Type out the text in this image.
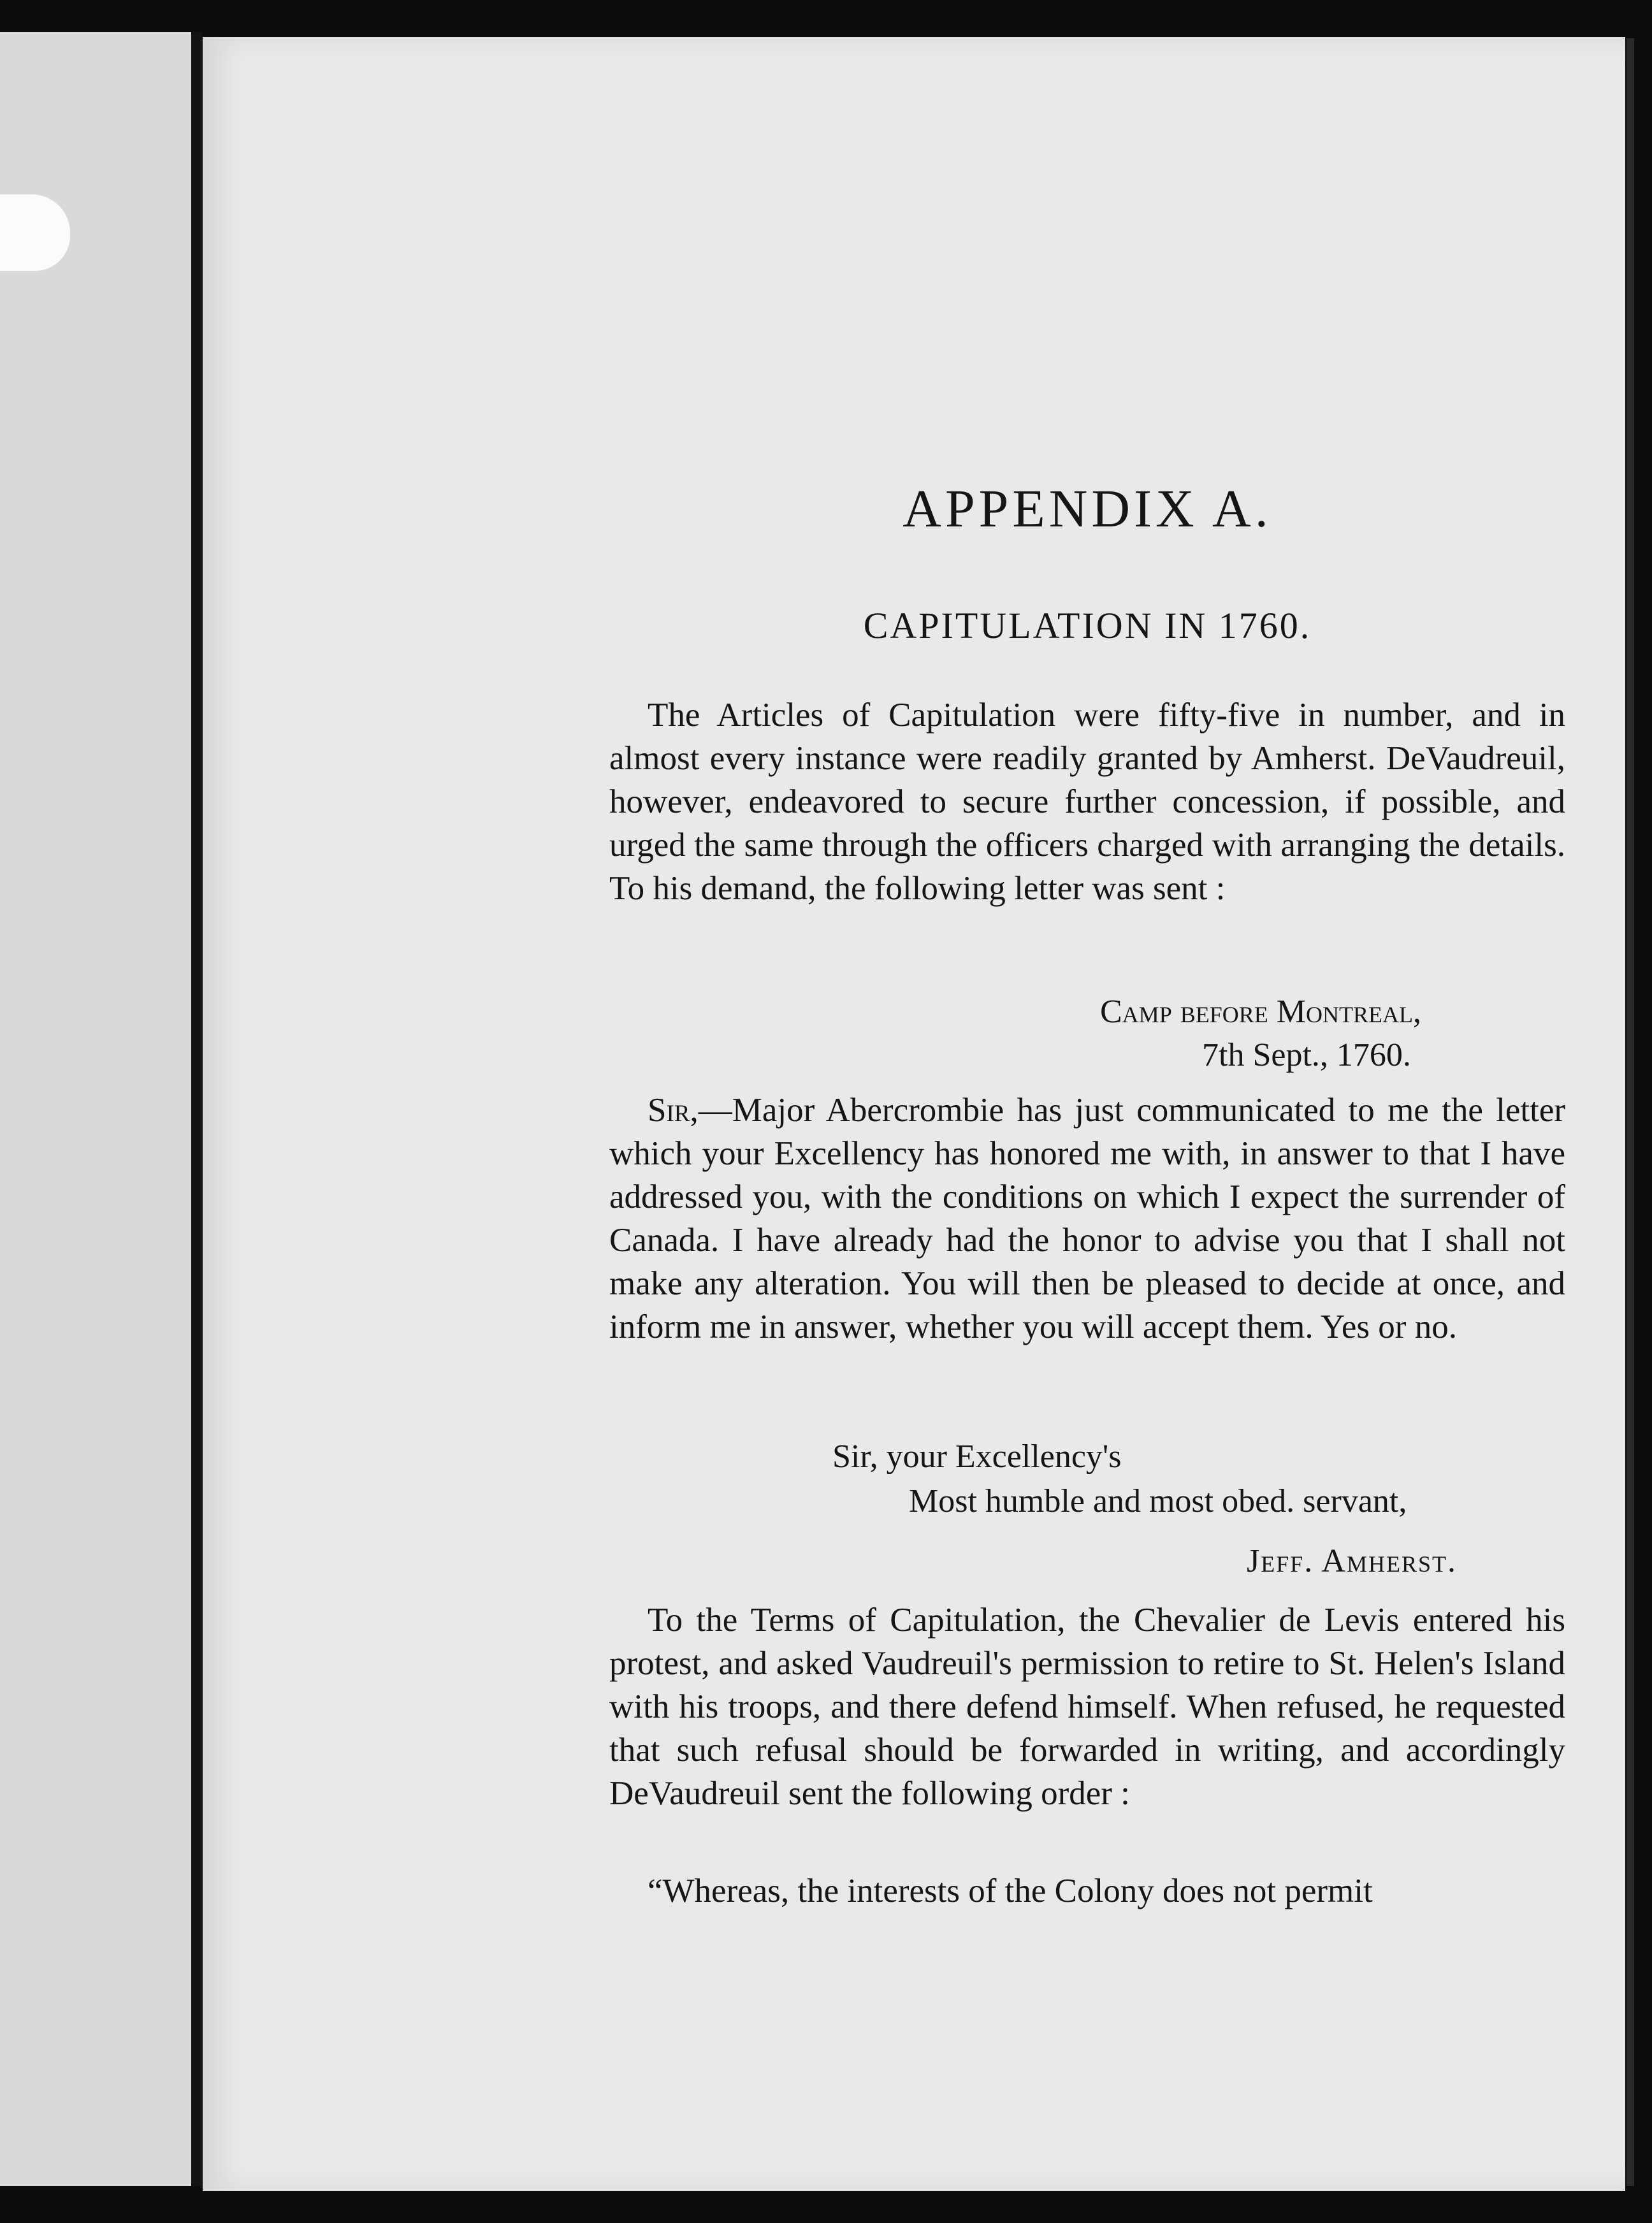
APPENDIX A.
CAPITULATION IN 1760.

The Articles of Capitulation were fifty-five in number, and in almost every instance were readily granted by Amherst. DeVaudreuil, however, endeavored to secure further concession, if possible, and urged the same through the officers charged with arranging the details. To his demand, the following letter was sent :

Camp before Montreal,
7th Sept., 1760.

Sir,—Major Abercrombie has just communicated to me the letter which your Excellency has honored me with, in answer to that I have addressed you, with the conditions on which I expect the surrender of Canada. I have already had the honor to advise you that I shall not make any alteration. You will then be pleased to decide at once, and inform me in answer, whether you will accept them. Yes or no.

Sir, your Excellency's
Most humble and most obed. servant,
Jeff. Amherst.

To the Terms of Capitulation, the Chevalier de Levis entered his protest, and asked Vaudreuil's permission to retire to St. Helen's Island with his troops, and there defend himself. When refused, he requested that such refusal should be forwarded in writing, and accordingly DeVaudreuil sent the following order :

“Whereas, the interests of the Colony does not permit
